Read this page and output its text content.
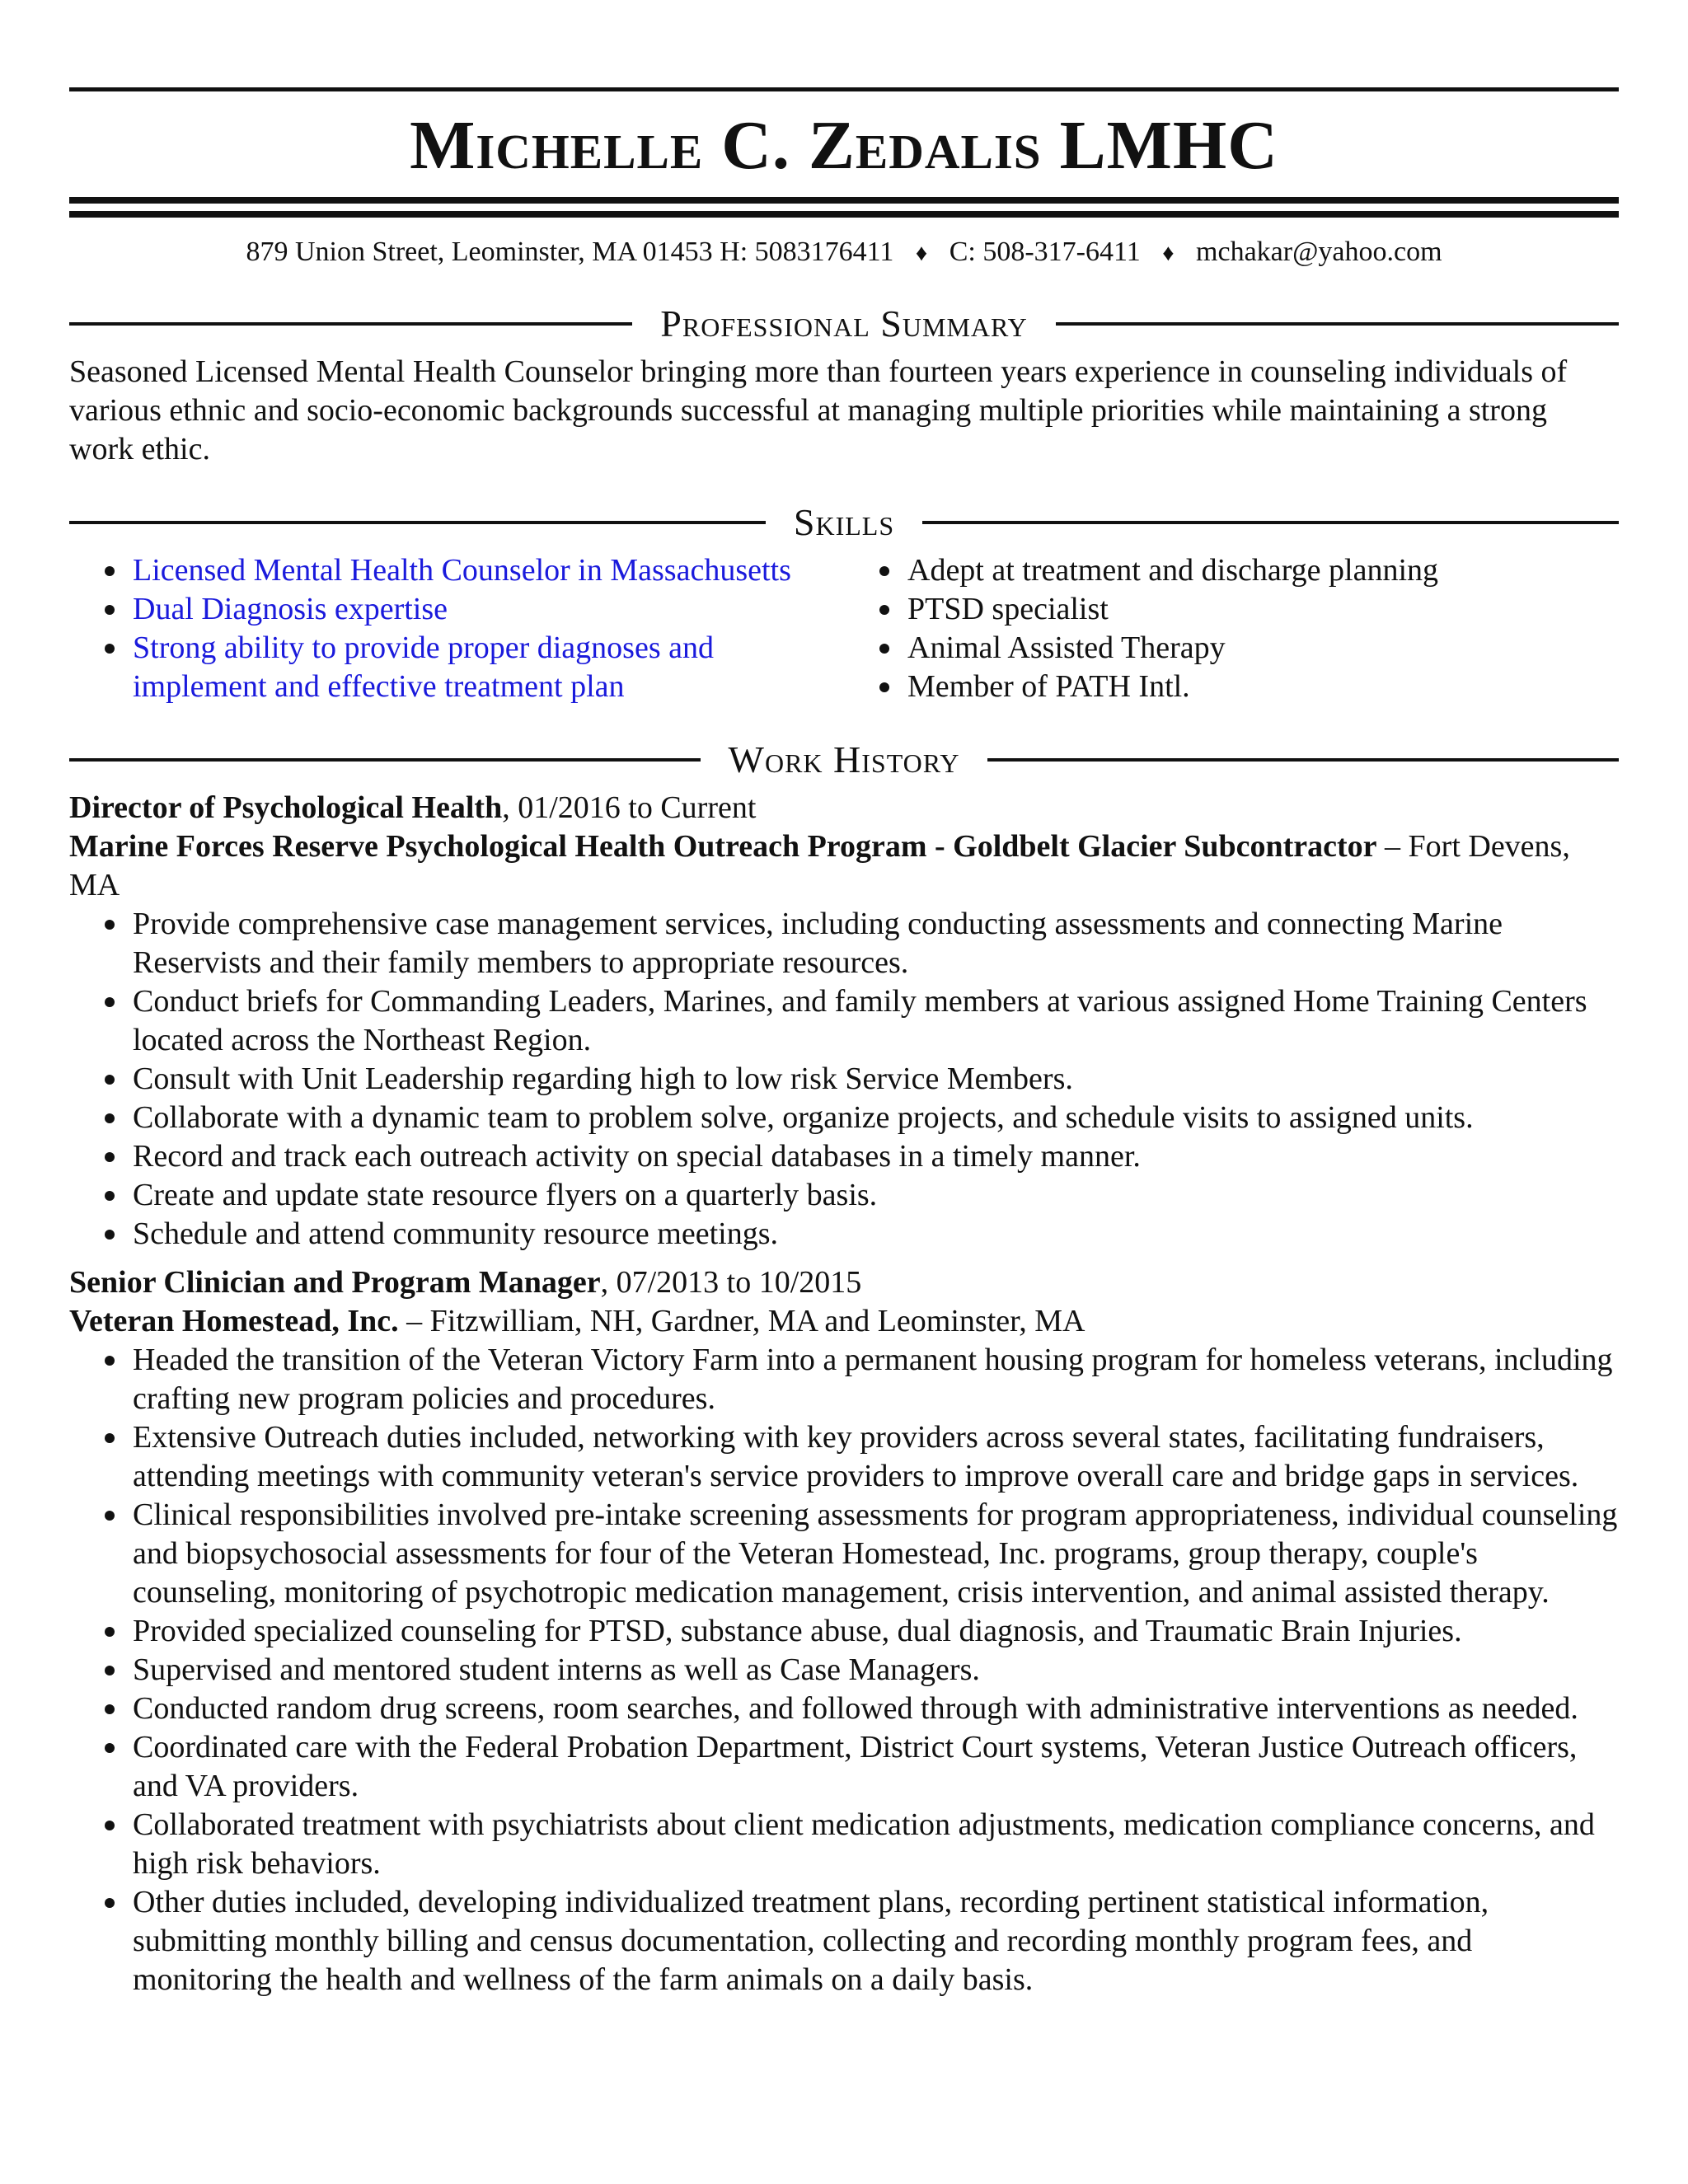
Michelle C. Zedalis LMHC
879 Union Street, Leominster, MA 01453 H: 5083176411 ♦ C: 508-317-6411 ♦ mchakar@yahoo.com
Professional Summary
Seasoned Licensed Mental Health Counselor bringing more than fourteen years experience in counseling individuals of various ethnic and socio-economic backgrounds successful at managing multiple priorities while maintaining a strong work ethic.
Skills
Licensed Mental Health Counselor in Massachusetts
Dual Diagnosis expertise
Strong ability to provide proper diagnoses and implement and effective treatment plan
Adept at treatment and discharge planning
PTSD specialist
Animal Assisted Therapy
Member of PATH Intl.
Work History
Director of Psychological Health, 01/2016 to Current
Marine Forces Reserve Psychological Health Outreach Program - Goldbelt Glacier Subcontractor – Fort Devens, MA
Provide comprehensive case management services, including conducting assessments and connecting Marine Reservists and their family members to appropriate resources.
Conduct briefs for Commanding Leaders, Marines, and family members at various assigned Home Training Centers located across the Northeast Region.
Consult with Unit Leadership regarding high to low risk Service Members.
Collaborate with a dynamic team to problem solve, organize projects, and schedule visits to assigned units.
Record and track each outreach activity on special databases in a timely manner.
Create and update state resource flyers on a quarterly basis.
Schedule and attend community resource meetings.
Senior Clinician and Program Manager, 07/2013 to 10/2015
Veteran Homestead, Inc. – Fitzwilliam, NH, Gardner, MA and Leominster, MA
Headed the transition of the Veteran Victory Farm into a permanent housing program for homeless veterans, including crafting new program policies and procedures.
Extensive Outreach duties included, networking with key providers across several states, facilitating fundraisers, attending meetings with community veteran's service providers to improve overall care and bridge gaps in services.
Clinical responsibilities involved pre-intake screening assessments for program appropriateness, individual counseling and biopsychosocial assessments for four of the Veteran Homestead, Inc. programs, group therapy, couple's counseling, monitoring of psychotropic medication management, crisis intervention, and animal assisted therapy.
Provided specialized counseling for PTSD, substance abuse, dual diagnosis, and Traumatic Brain Injuries.
Supervised and mentored student interns as well as Case Managers.
Conducted random drug screens, room searches, and followed through with administrative interventions as needed.
Coordinated care with the Federal Probation Department, District Court systems, Veteran Justice Outreach officers, and VA providers.
Collaborated treatment with psychiatrists about client medication adjustments, medication compliance concerns, and high risk behaviors.
Other duties included, developing individualized treatment plans, recording pertinent statistical information, submitting monthly billing and census documentation, collecting and recording monthly program fees, and monitoring the health and wellness of the farm animals on a daily basis.
